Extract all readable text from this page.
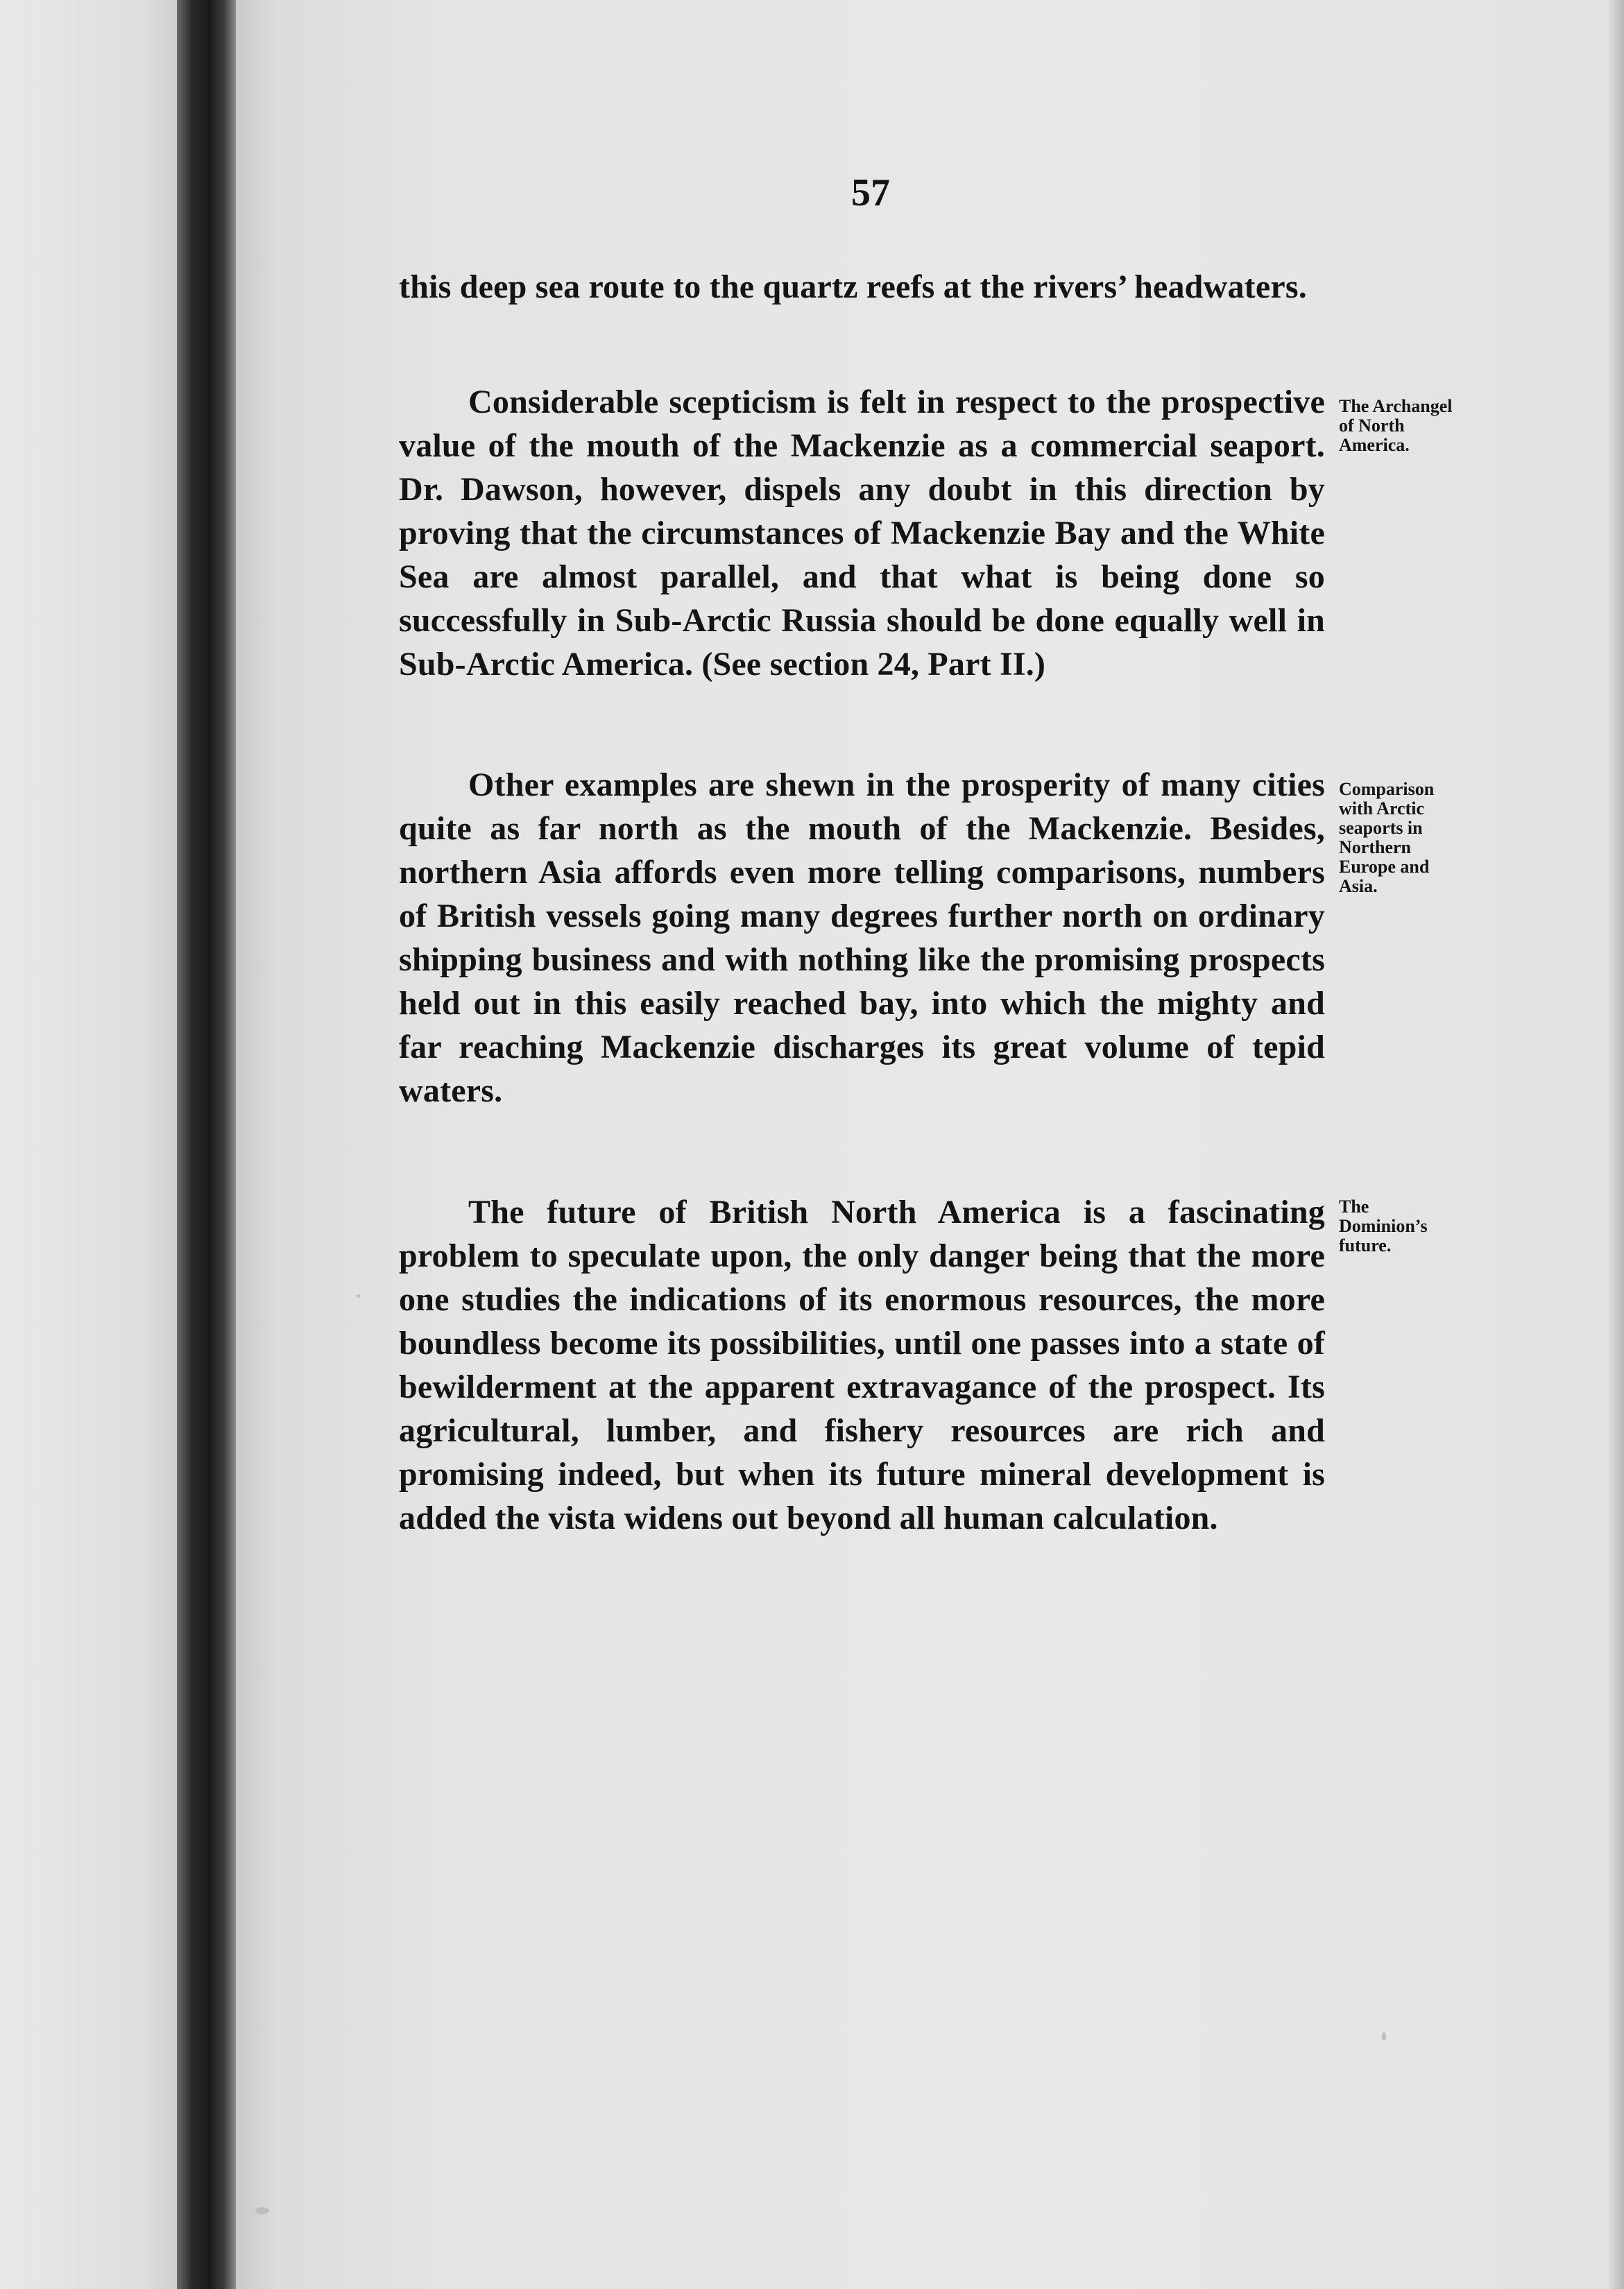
57

this deep sea route to the quartz reefs at the rivers’ headwaters.

Considerable scepticism is felt in respect to the prospective value of the mouth of the Mackenzie as a commercial seaport. Dr. Dawson, however, dispels any doubt in this direction by proving that the circumstances of Mackenzie Bay and the White Sea are almost parallel, and that what is being done so successfully in Sub-Arctic Russia should be done equally well in Sub-Arctic America. (See section 24, Part II.)

Other examples are shewn in the prosperity of many cities quite as far north as the mouth of the Mackenzie. Besides, northern Asia affords even more telling comparisons, numbers of British vessels going many degrees further north on ordinary shipping business and with nothing like the promising prospects held out in this easily reached bay, into which the mighty and far reaching Mackenzie discharges its great volume of tepid waters.

The future of British North America is a fascinating problem to speculate upon, the only danger being that the more one studies the indications of its enormous resources, the more boundless become its possibilities, until one passes into a state of bewilderment at the apparent extravagance of the prospect. Its agricultural, lumber, and fishery resources are rich and promising indeed, but when its future mineral development is added the vista widens out beyond all human calculation.

The Archangel
of North
America.

Comparison
with Arctic
seaports in
Northern
Europe and
Asia.

The
Dominion’s
future.
